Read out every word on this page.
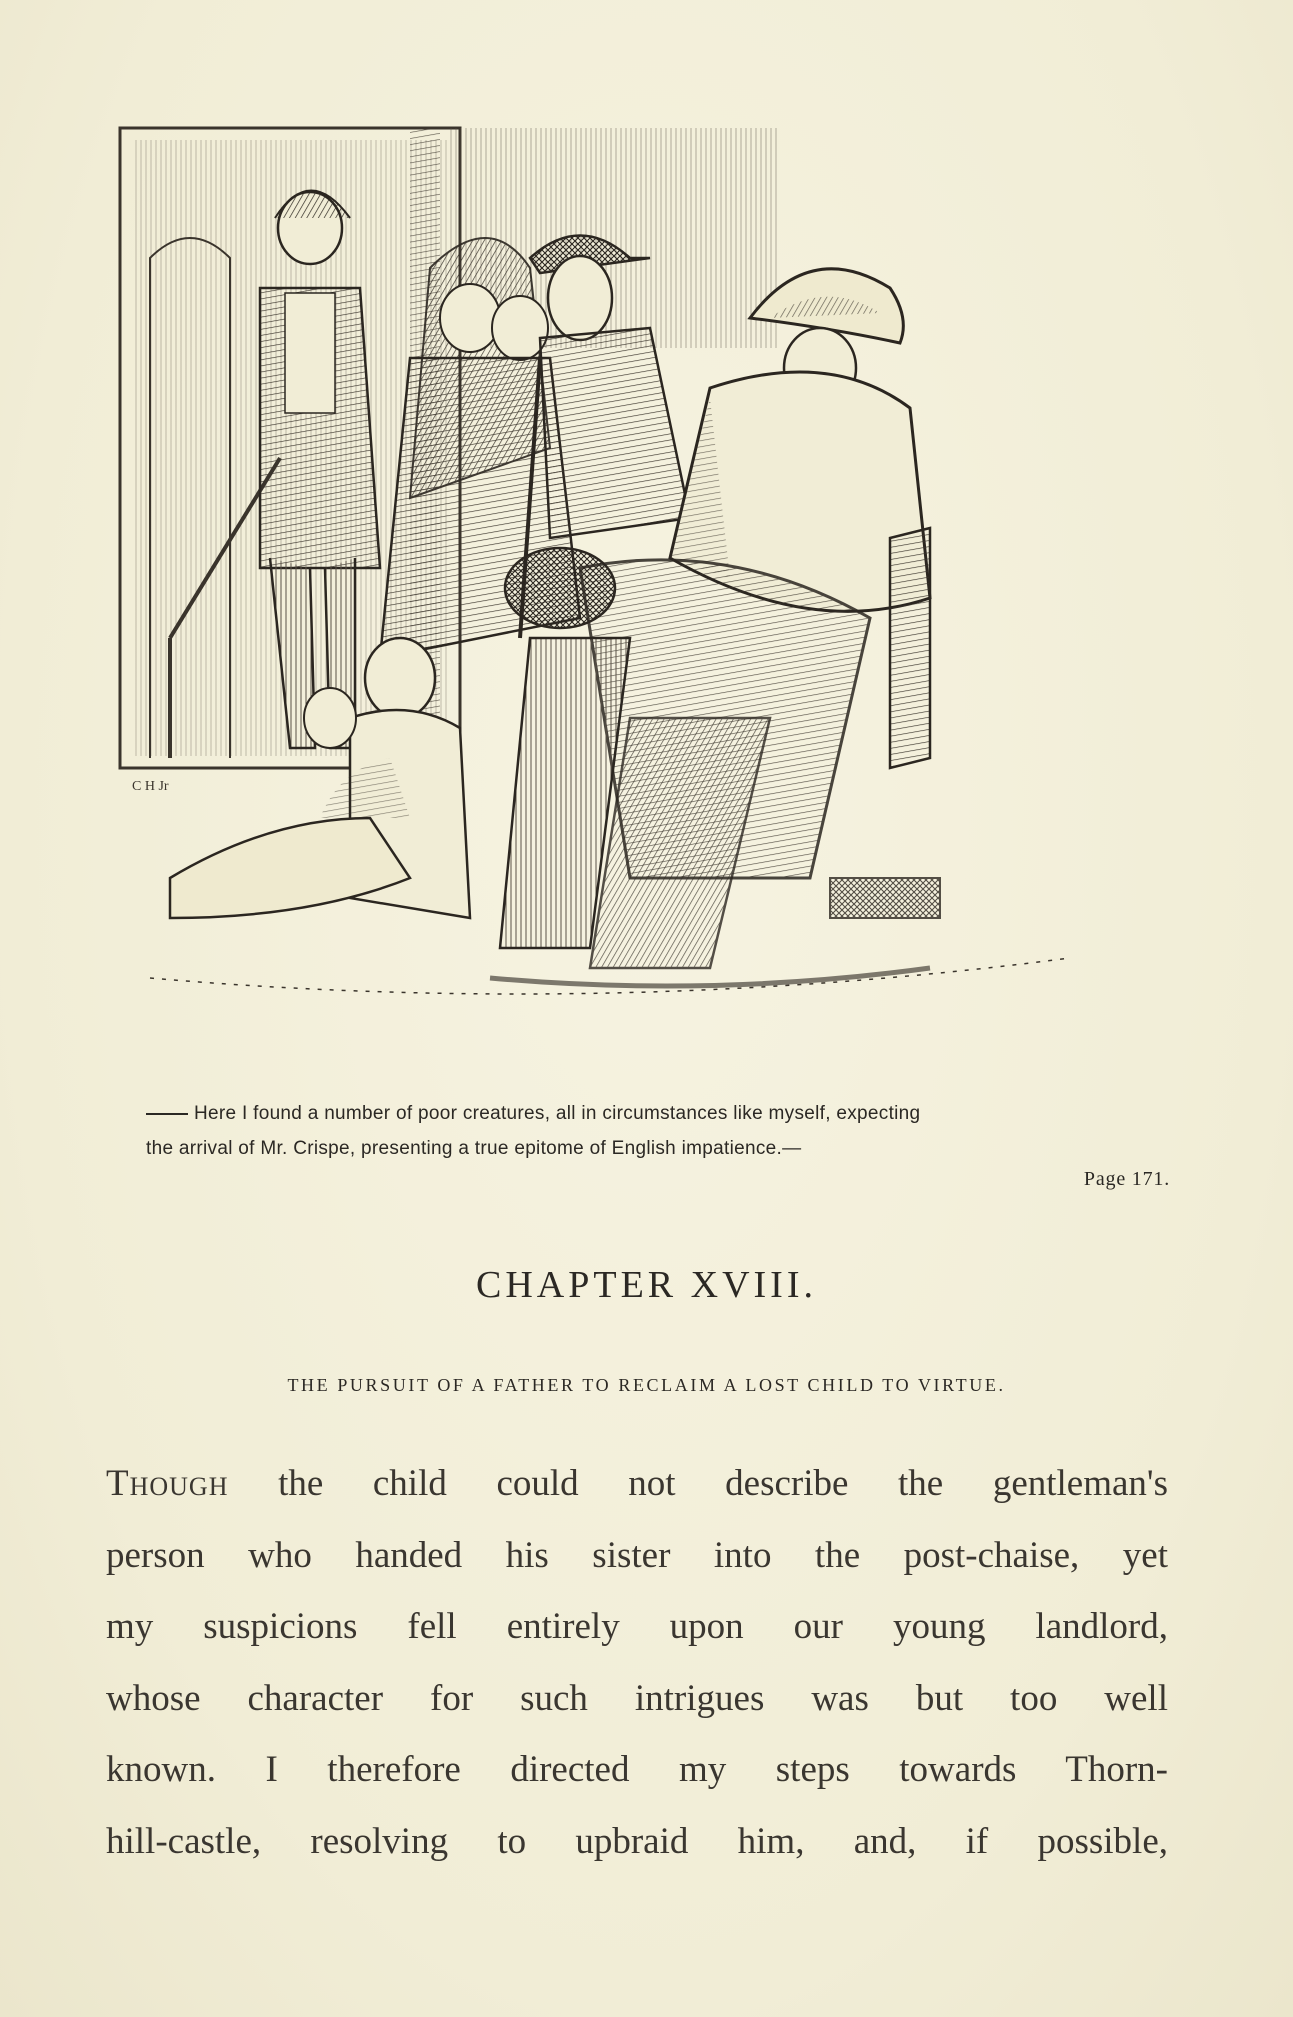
C H Jr
Here I found a number of poor creatures, all in circumstances like myself, expecting
the arrival of Mr. Crispe, presenting a true epitome of English impatience.—
Page 171.
CHAPTER XVIII.
THE PURSUIT OF A FATHER TO RECLAIM A LOST CHILD TO VIRTUE.
Though the child could not describe the gentleman's
person who handed his sister into the post-chaise, yet
my suspicions fell entirely upon our young landlord,
whose character for such intrigues was but too well
known. I therefore directed my steps towards Thorn-
hill-castle, resolving to upbraid him, and, if possible,
